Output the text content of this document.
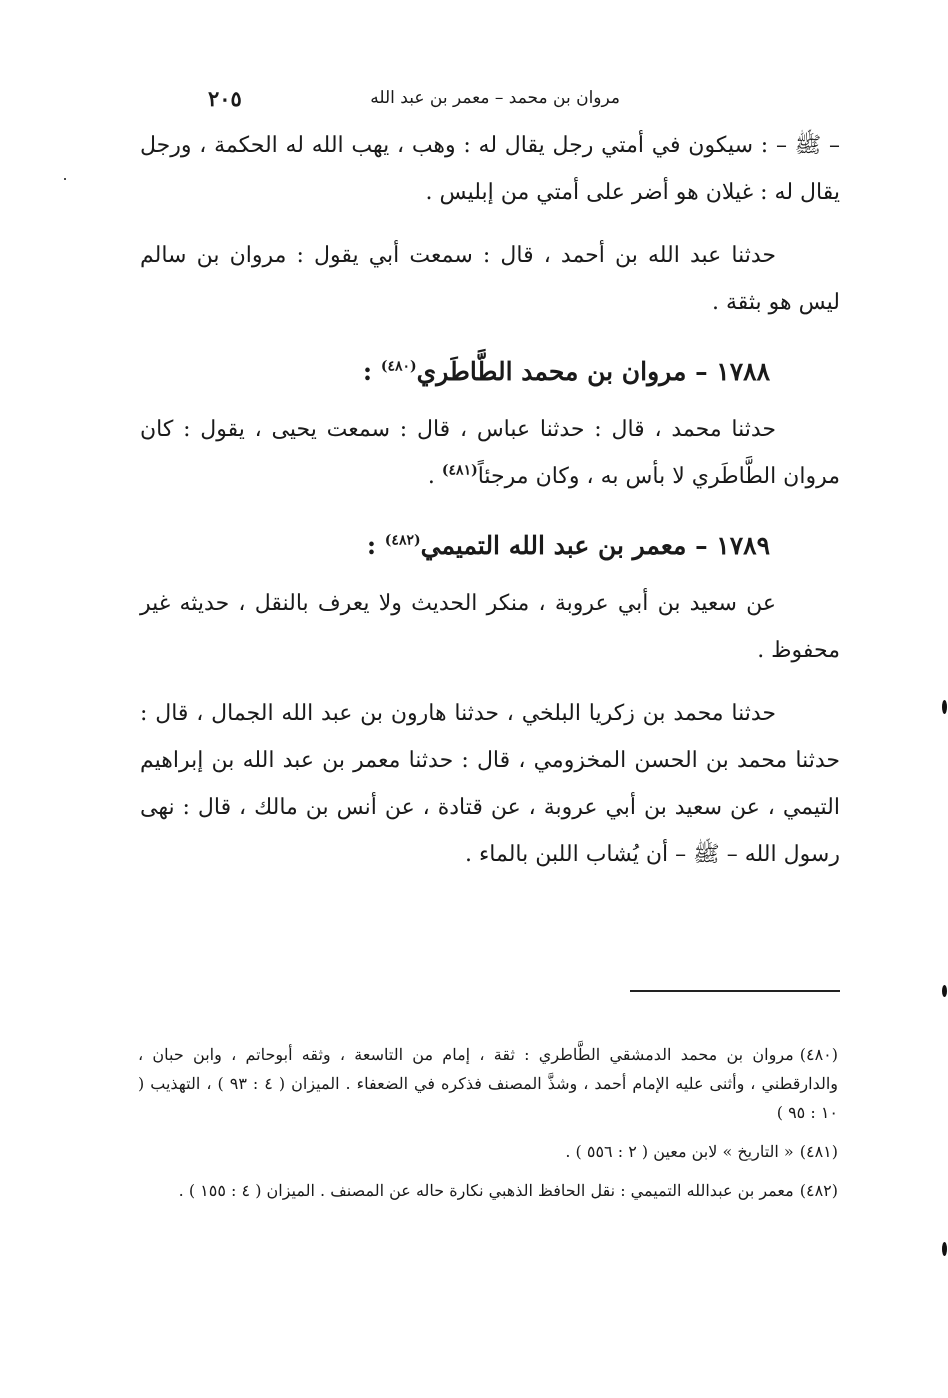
مروان بن محمد – معمر بن عبد الله
٢٠٥

– ﷺ – : سيكون في أمتي رجل يقال له : وهب ، يهب الله له الحكمة ، ورجل يقال له : غيلان هو أضر على أمتي من إبليس .

حدثنا عبد الله بن أحمد ، قال : سمعت أبي يقول : مروان بن سالم ليس هو بثقة .

١٧٨٨ – مروان بن محمد الطَّاطَري$^{(٤٨٠)}$ :

حدثنا محمد ، قال : حدثنا عباس ، قال : سمعت يحيى ، يقول : كان مروان الطَّاطَري لا بأس به ، وكان مرجئاً$^{(٤٨١)}$ .

١٧٨٩ – معمر بن عبد الله التميمي$^{(٤٨٢)}$ :

عن سعيد بن أبي عروبة ، منكر الحديث ولا يعرف بالنقل ، حديثه غير محفوظ .

حدثنا محمد بن زكريا البلخي ، حدثنا هارون بن عبد الله الجمال ، قال : حدثنا محمد بن الحسن المخزومي ، قال : حدثنا معمر بن عبد الله بن إبراهيم التيمي ، عن سعيد بن أبي عروبة ، عن قتادة ، عن أنس بن مالك ، قال : نهى رسول الله – ﷺ – أن يُشاب اللبن بالماء .

(٤٨٠)مروان بن محمد الدمشقي الطَّاطري : ثقة ، إمام من التاسعة ، وثقه أبوحاتم ، وابن حبان ، والدارقطني ، وأثنى عليه الإمام أحمد ، وشذَّ المصنف فذكره في الضعفاء . الميزان ( ٤ : ٩٣ ) ، التهذيب ( ١٠ : ٩٥ )

(٤٨١)« التاريخ » لابن معين ( ٢ : ٥٥٦ ) .

(٤٨٢)معمر بن عبدالله التميمي : نقل الحافظ الذهبي نكارة حاله عن المصنف . الميزان ( ٤ : ١٥٥ ) .
